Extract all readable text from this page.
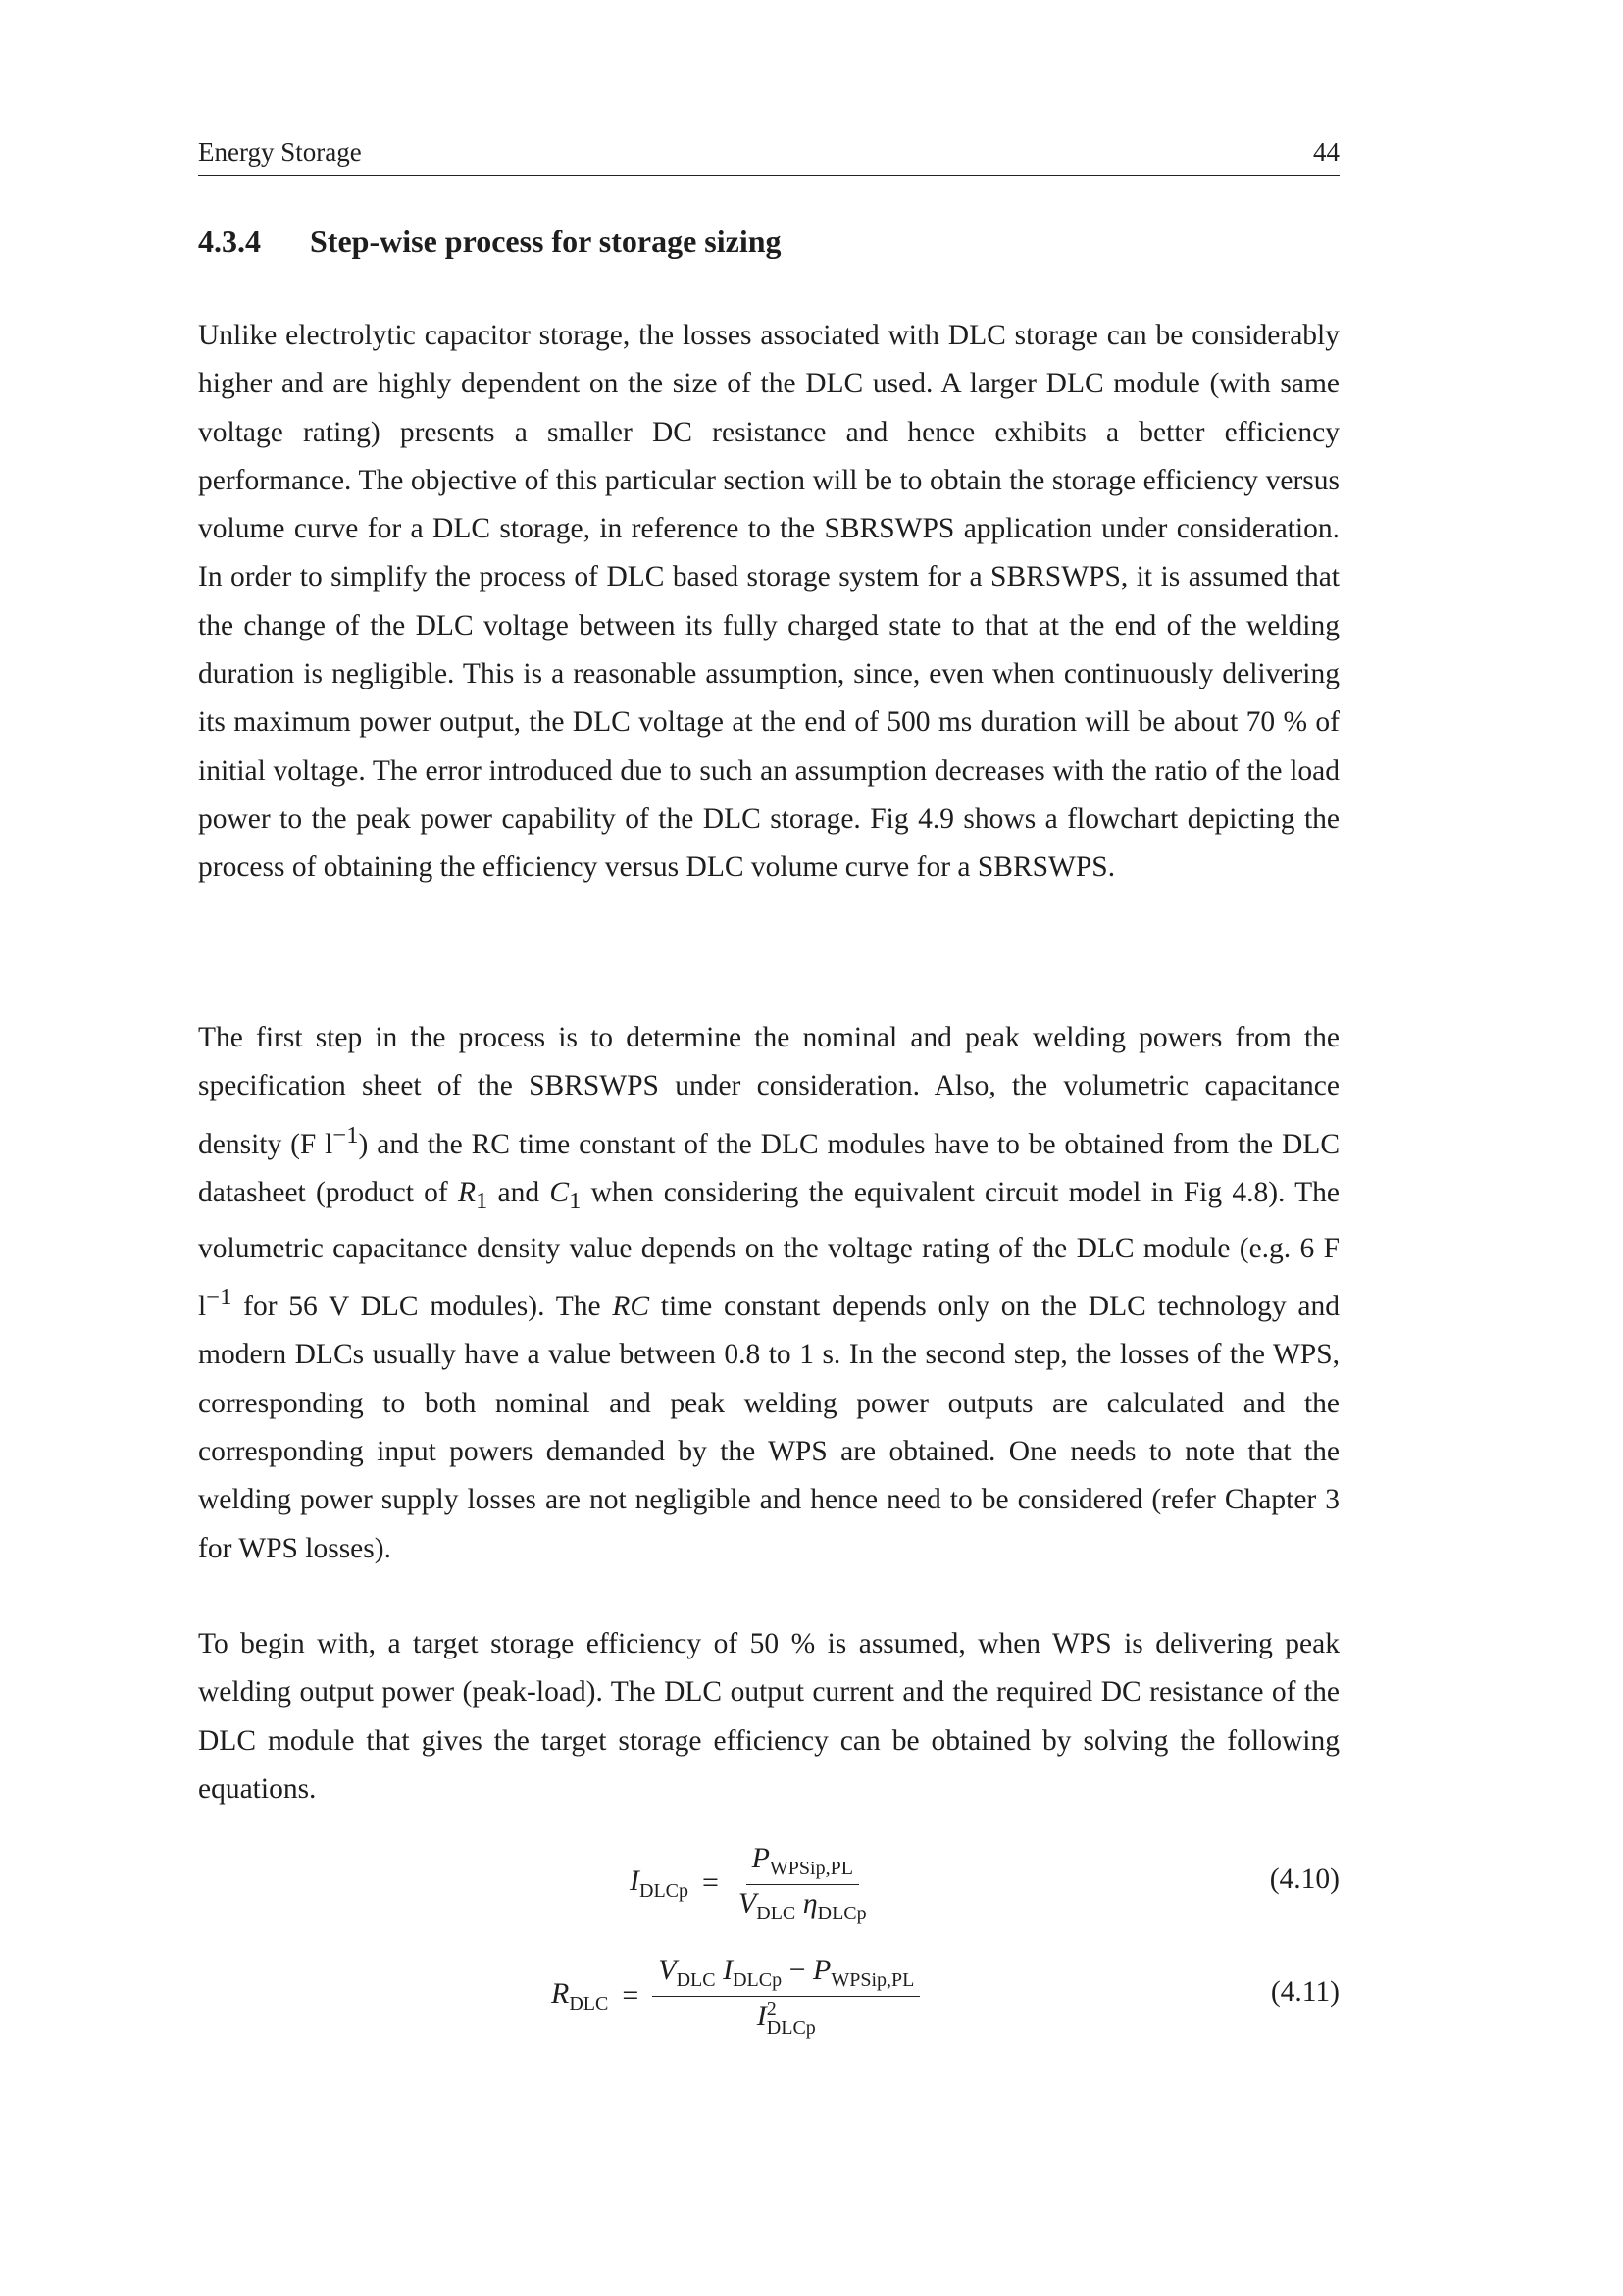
Energy Storage	44
4.3.4 Step-wise process for storage sizing

Unlike electrolytic capacitor storage, the losses associated with DLC storage can be considerably higher and are highly dependent on the size of the DLC used. A larger DLC module (with same voltage rating) presents a smaller DC resistance and hence exhibits a better efficiency performance. The objective of this particular section will be to obtain the storage efficiency versus volume curve for a DLC storage, in reference to the SBRSWPS application under consideration. In order to simplify the process of DLC based storage system for a SBRSWPS, it is assumed that the change of the DLC voltage between its fully charged state to that at the end of the welding duration is negligible. This is a reasonable assumption, since, even when continuously delivering its maximum power output, the DLC voltage at the end of 500 ms duration will be about 70 % of initial voltage. The error introduced due to such an assumption decreases with the ratio of the load power to the peak power capability of the DLC storage. Fig 4.9 shows a flowchart depicting the process of obtaining the efficiency versus DLC volume curve for a SBRSWPS.

The first step in the process is to determine the nominal and peak welding powers from the specification sheet of the SBRSWPS under consideration. Also, the volumetric capacitance density (F $l^{-1}$) and the RC time constant of the DLC modules have to be obtained from the DLC datasheet (product of $R_1$ and $C_1$ when considering the equivalent circuit model in Fig 4.8). The volumetric capacitance density value depends on the voltage rating of the DLC module (e.g. 6 F $l^{-1}$ for 56 V DLC modules). The RC time constant depends only on the DLC technology and modern DLCs usually have a value between 0.8 to 1 s. In the second step, the losses of the WPS, corresponding to both nominal and peak welding power outputs are calculated and the corresponding input powers demanded by the WPS are obtained. One needs to note that the welding power supply losses are not negligible and hence need to be considered (refer Chapter 3 for WPS losses).

To begin with, a target storage efficiency of 50 % is assumed, when WPS is delivering peak welding output power (peak-load). The DLC output current and the required DC resistance of the DLC module that gives the target storage efficiency can be obtained by solving the following equations.

$I_{DLCp} = \frac{P_{WPSip,PL}}{V_{DLC} \eta_{DLCp}}$	(4.10)
$R_{DLC} = V_{DLC}$ $I_{DLCp} - P_{WPSip,PL}$
I 2
DLCp	(4.11)
